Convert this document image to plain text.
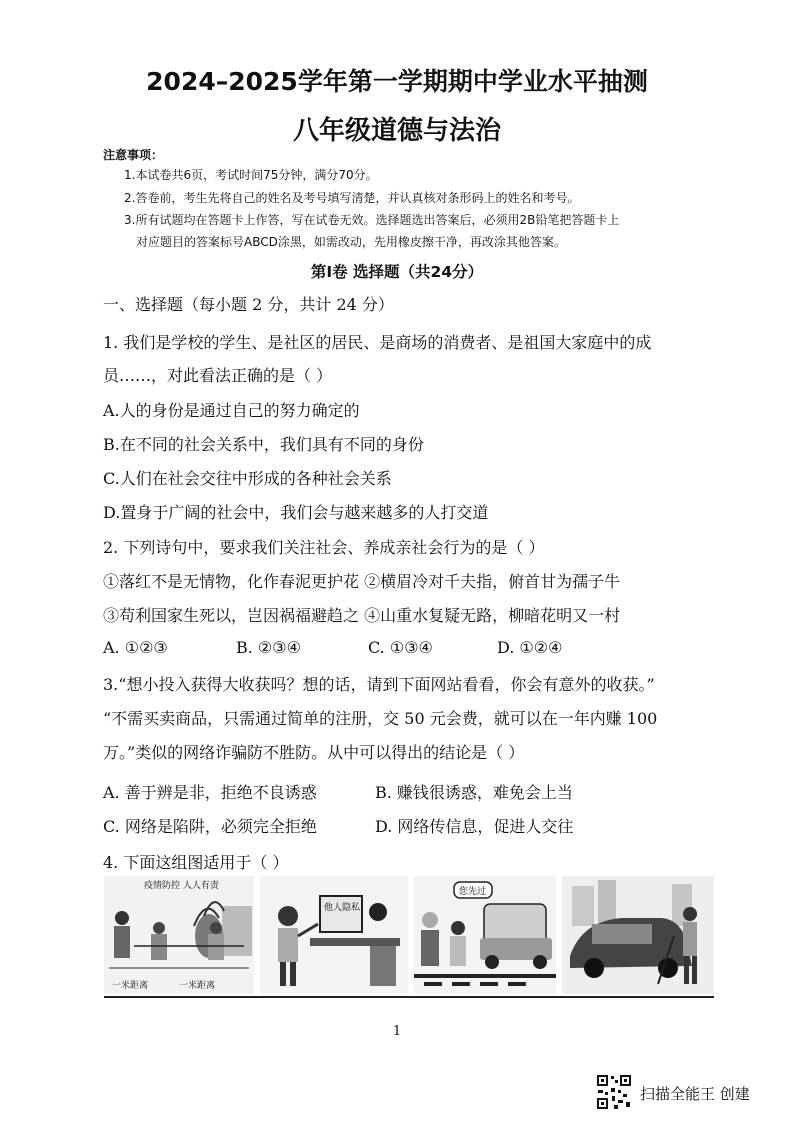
2024–2025学年第一学期期中学业水平抽测
八年级道德与法治
注意事项：
1.本试卷共6页，考试时间75分钟，满分70分。
2.答卷前，考生先将自己的姓名及考号填写清楚，并认真核对条形码上的姓名和考号。
3.所有试题均在答题卡上作答，写在试卷无效。选择题选出答案后，必须用2B铅笔把答题卡上
对应题目的答案标号ABCD涂黑，如需改动，先用橡皮擦干净，再改涂其他答案。
第Ⅰ卷 选择题（共24分）
一、选择题（每小题 2 分，共计 24 分）
1. 我们是学校的学生、是社区的居民、是商场的消费者、是祖国大家庭中的成
员……，对此看法正确的是（ ）
A.人的身份是通过自己的努力确定的
B.在不同的社会关系中，我们具有不同的身份
C.人们在社会交往中形成的各种社会关系
D.置身于广阔的社会中，我们会与越来越多的人打交道
2. 下列诗句中，要求我们关注社会、养成亲社会行为的是（ ）
①落红不是无情物，化作春泥更护花 ②横眉冷对千夫指，俯首甘为孺子牛
③苟利国家生死以，岂因祸福避趋之 ④山重水复疑无路，柳暗花明又一村
A. ①②③	B. ②③④	C. ①③④	D. ①②④
3.“想小投入获得大收获吗？想的话，请到下面网站看看，你会有意外的收获。”
“不需买卖商品，只需通过简单的注册，交 50 元会费，就可以在一年内赚 100
万。”类似的网络诈骗防不胜防。从中可以得出的结论是（ ）
A. 善于辨是非，拒绝不良诱惑	B. 赚钱很诱惑，难免会上当
C. 网络是陷阱，必须完全拒绝	D. 网络传信息，促进人交往
4. 下面这组图适用于（ ）
疫情防控 人人有责
一米距离	一米距离
他人隐私
您先过
1
扫描全能王 创建
